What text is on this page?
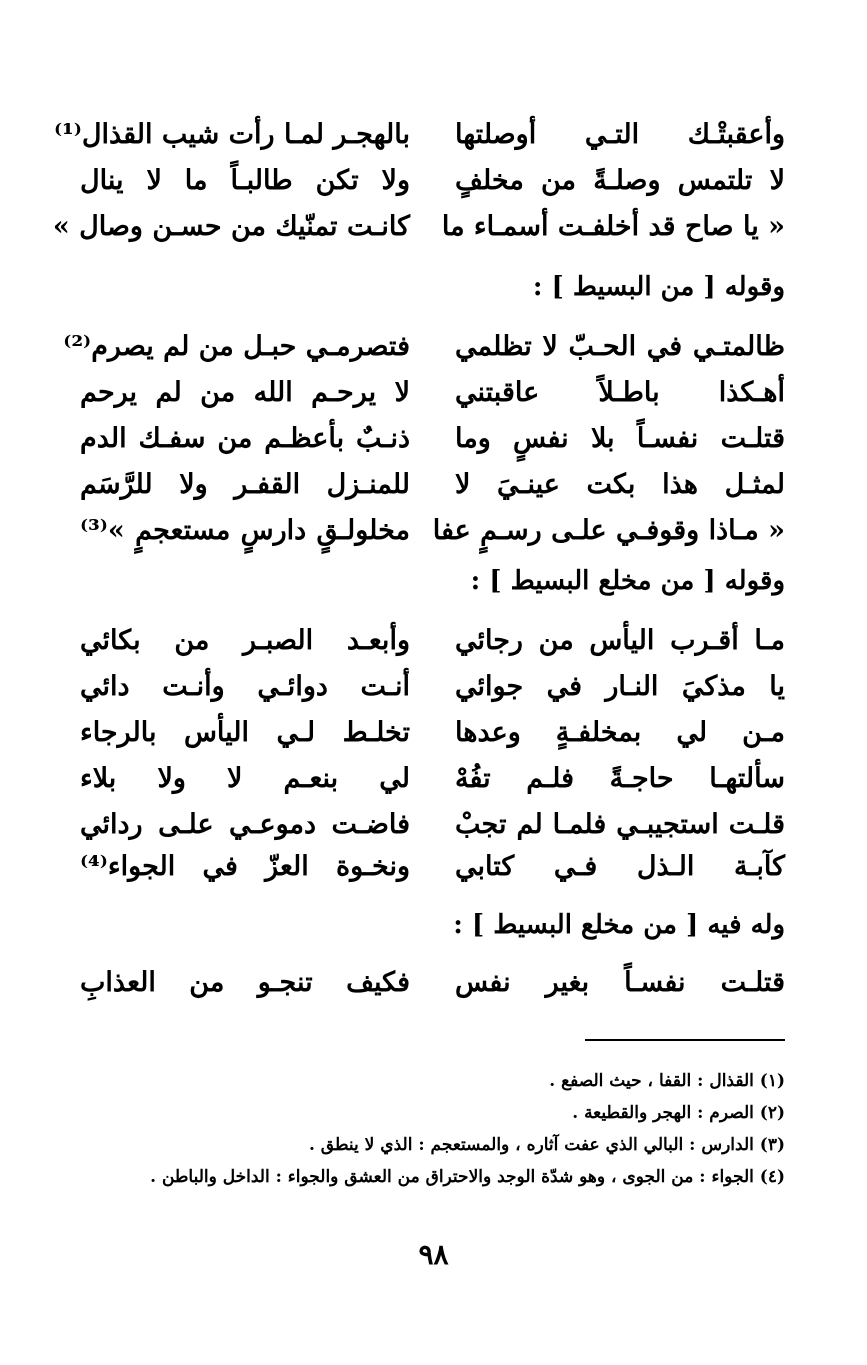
وأعقبتْـك التـي أوصلتها
بالهجـر لمـا رأت شيب القذال⁽¹⁾
لا تلتمس وصلـةً من مخلفٍ
ولا تكن طالبـاً ما لا ينال
« يا صاح قد أخلفـت أسمـاء ما
كانـت تمنّيك من حسـن وصال »
وقوله [ من البسيط ] :
ظالمتـي في الحـبّ لا تظلمي
فتصرمـي حبـل من لم يصرم⁽²⁾
أهـكذا باطـلاً عاقبتني
لا يرحـم الله من لم يرحم
قتلـت نفسـاً بلا نفسٍ وما
ذنـبٌ بأعظـم من سفـك الدم
لمثـل هذا بكت عينـيَ لا
للمنـزل القفـر ولا للرَّسَم
« مـاذا وقوفـي علـى رسـمٍ عفا
مخلولـقٍ دارسٍ مستعجمٍ »⁽³⁾
وقوله [ من مخلع البسيط ] :
مـا أقـرب اليأس من رجائي
وأبعـد الصبـر من بكائي
يا مذكيَ النـار في جوائي
أنـت دوائـي وأنـت دائي
مـن لي بمخلفـةٍ وعدها
تخلـط لـي اليأس بالرجاء
سألتهـا حاجـةً فلـم تفُهْ
لي بنعـم لا ولا بلاء
قلـت استجيبـي فلمـا لم تجبْ
فاضـت دموعـي علـى ردائي
كآبـة الـذل فـي كتابي
ونخـوة العزّ في الجواء⁽⁴⁾
وله فيه [ من مخلع البسيط ] :
قتلـت نفسـاً بغير نفس
فكيف تنجـو من العذابِ
(١) القذال : القفا ، حيث الصفع .
(٢) الصرم : الهجر والقطيعة .
(٣) الدارس : البالي الذي عفت آثاره ، والمستعجم : الذي لا ينطق .
(٤) الجواء : من الجوى ، وهو شدّة الوجد والاحتراق من العشق والجواء : الداخل والباطن .
٩٨
